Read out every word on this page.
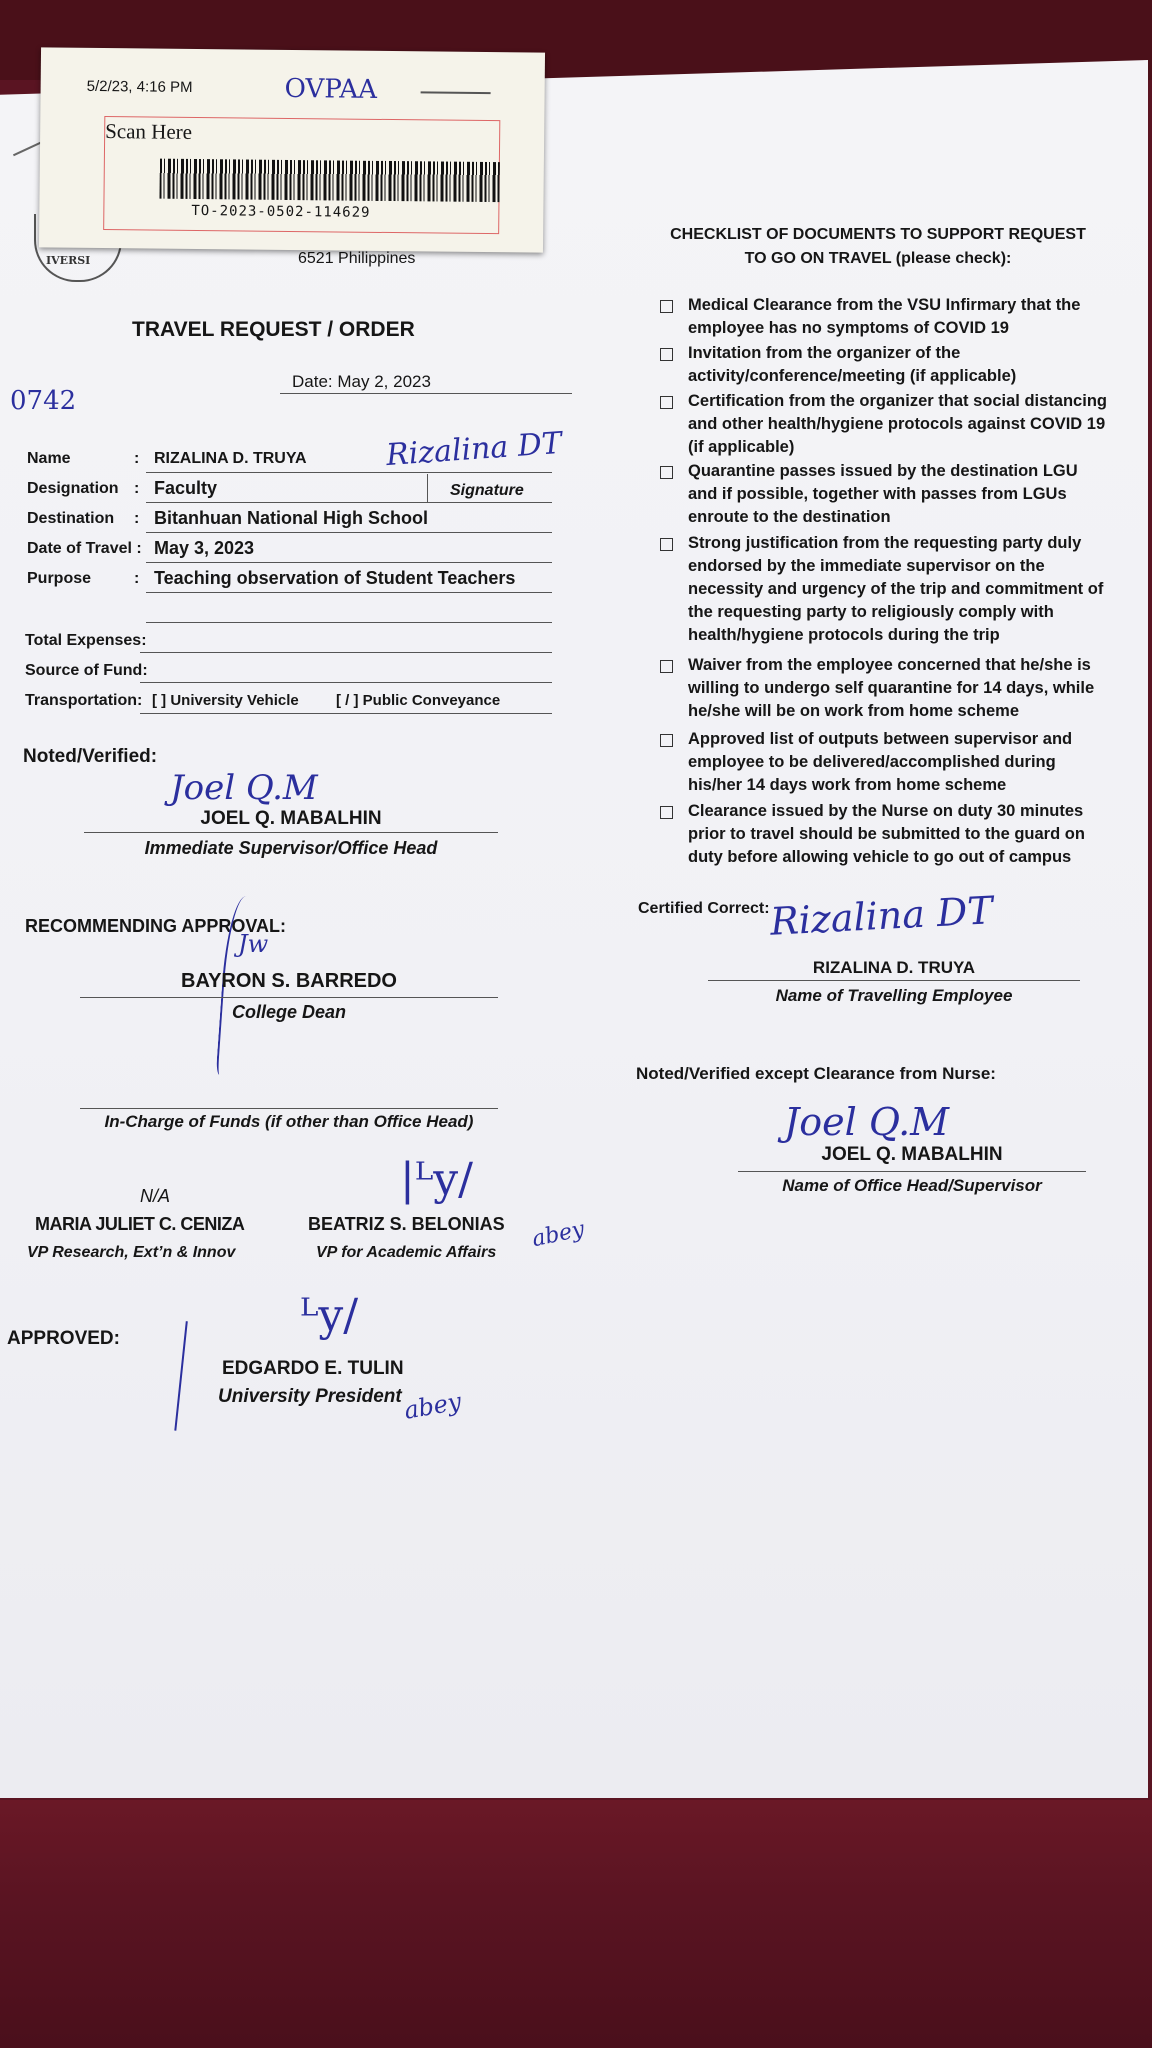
IVERSI	6521 Philippines
5/2/23, 4:16 PM	OVPAA
Scan Here
TO-2023-0502-114629
TRAVEL REQUEST / ORDER
Date: May 2, 2023
0742
Name	: RIZALINA D. TRUYA	Rizalina DT
Designation : Faculty	Signature
Destination : Bitanhuan National High School
Date of Travel : May 3, 2023
Purpose	: Teaching observation of Student Teachers
Total Expenses:
Source of Fund:
Transportation: [ ] University Vehicle [ / ] Public Conveyance
Noted/Verified:
Joel Q.M
JOEL Q. MABALHIN
Immediate Supervisor/Office Head
RECOMMENDING APPROVAL:
Jw
BAYRON S. BARREDO
College Dean
In-Charge of Funds (if other than Office Head)
N/A
MARIA JULIET C. CENIZA
VP Research, Ext’n & Innov
|ᴸy/
BEATRIZ S. BELONIAS
VP for Academic Affairs
abey
APPROVED:	ᴸy/
EDGARDO E. TULIN
University President abey
CHECKLIST OF DOCUMENTS TO SUPPORT REQUEST
TO GO ON TRAVEL (please check):
Medical Clearance from the VSU Infirmary that the employee has no symptoms of COVID 19
Invitation from the organizer of the activity/conference/meeting (if applicable)
Certification from the organizer that social distancing and other health/hygiene protocols against COVID 19 (if applicable)
Quarantine passes issued by the destination LGU and if possible, together with passes from LGUs enroute to the destination
Strong justification from the requesting party duly endorsed by the immediate supervisor on the necessity and urgency of the trip and commitment of the requesting party to religiously comply with health/hygiene protocols during the trip
Waiver from the employee concerned that he/she is willing to undergo self quarantine for 14 days, while he/she will be on work from home scheme
Approved list of outputs between supervisor and employee to be delivered/accomplished during his/her 14 days work from home scheme
Clearance issued by the Nurse on duty 30 minutes prior to travel should be submitted to the guard on duty before allowing vehicle to go out of campus
Certified Correct: Rizalina DT
RIZALINA D. TRUYA
Name of Travelling Employee
Noted/Verified except Clearance from Nurse:
Joel Q.M
JOEL Q. MABALHIN
Name of Office Head/Supervisor
